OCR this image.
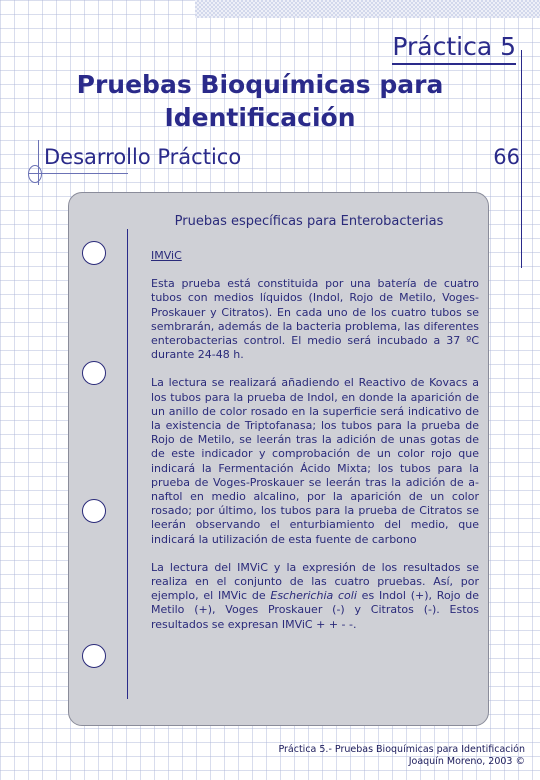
Práctica 5
Pruebas Bioquímicas para
Identificación
Desarrollo Práctico	66
Pruebas específicas para Enterobacterias
IMViC

Esta prueba está constituida por una batería de cuatro tubos con medios líquidos (Indol, Rojo de Metilo, Voges-Proskauer y Citratos). En cada uno de los cuatro tubos se sembrarán, además de la bacteria problema, las diferentes enterobacterias control. El medio será incubado a 37 ºC durante 24-48 h.

La lectura se realizará añadiendo el Reactivo de Kovacs a los tubos para la prueba de Indol, en donde la aparición de un anillo de color rosado en la superficie será indicativo de la existencia de Triptofanasa; los tubos para la prueba de Rojo de Metilo, se leerán tras la adición de unas gotas de de este indicador y comprobación de un color rojo que indicará la Fermentación Ácido Mixta; los tubos para la prueba de Voges-Proskauer se leerán tras la adición de a-naftol en medio alcalino, por la aparición de un color rosado; por último, los tubos para la prueba de Citratos se leerán observando el enturbiamiento del medio, que indicará la utilización de esta fuente de carbono

La lectura del IMViC y la expresión de los resultados se realiza en el conjunto de las cuatro pruebas. Así, por ejemplo, el IMVic de Escherichia coli es Indol (+), Rojo de Metilo (+), Voges Proskauer (-) y Citratos (-). Estos resultados se expresan IMViC + + - -.

Práctica 5.- Pruebas Bioquímicas para Identificación
Joaquín Moreno, 2003 ©
